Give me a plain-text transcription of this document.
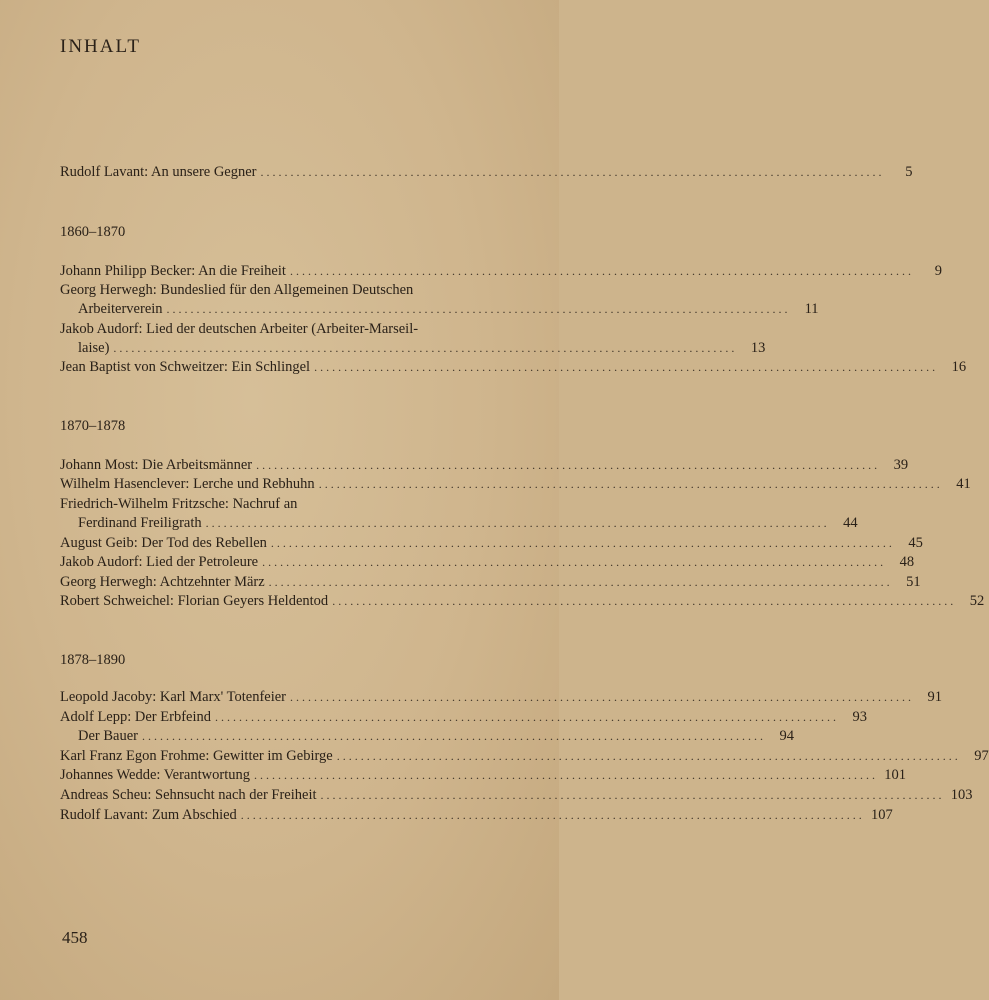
INHALT
Rudolf Lavant: An unsere Gegner ........................................................................................................	5
1860–1870
Johann Philipp Becker: An die Freiheit ........................................................................................................	9
Georg Herwegh: Bundeslied für den Allgemeinen Deutschen
Arbeiterverein ........................................................................................................ 11
Jakob Audorf: Lied der deutschen Arbeiter (Arbeiter-Marseil-
laise) ........................................................................................................ 13
Jean Baptist von Schweitzer: Ein Schlingel ........................................................................................................ 16
1870–1878
Johann Most: Die Arbeitsmänner ........................................................................................................ 39
Wilhelm Hasenclever: Lerche und Rebhuhn ........................................................................................................ 41
Friedrich-Wilhelm Fritzsche: Nachruf an
Ferdinand Freiligrath ........................................................................................................ 44
August Geib: Der Tod des Rebellen ........................................................................................................ 45
Jakob Audorf: Lied der Petroleure ........................................................................................................ 48
Georg Herwegh: Achtzehnter März ........................................................................................................ 51
Robert Schweichel: Florian Geyers Heldentod ........................................................................................................ 52
1878–1890
Leopold Jacoby: Karl Marx' Totenfeier ........................................................................................................ 91
Adolf Lepp: Der Erbfeind ........................................................................................................ 93
Der Bauer ........................................................................................................ 94
Karl Franz Egon Frohme: Gewitter im Gebirge ........................................................................................................ 97
Johannes Wedde: Verantwortung ........................................................................................................ 101
Andreas Scheu: Sehnsucht nach der Freiheit ........................................................................................................ 103
Rudolf Lavant: Zum Abschied ........................................................................................................ 107
458
